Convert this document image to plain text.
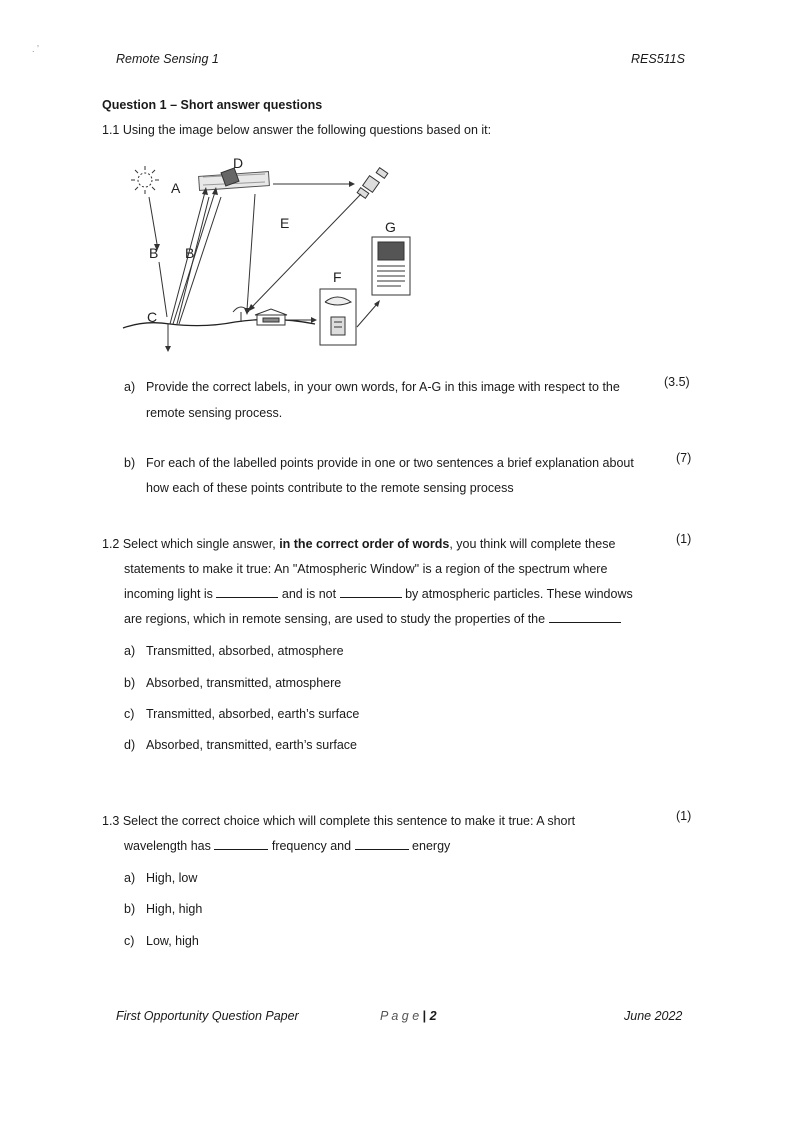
. ʼ
Remote Sensing 1	RES511S
Question 1 – Short answer questions
1.1 Using the image below answer the following questions based on it:
A
D
E
B B
C
F
G
a) Provide the correct labels, in your own words, for A-G in this image with respect to the
remote sensing process.
(3.5)
b) For each of the labelled points provide in one or two sentences a brief explanation about
how each of these points contribute to the remote sensing process
(7)
1.2 Select which single answer, in the correct order of words, you think will complete these	(1)
statements to make it true: An "Atmospheric Window" is a region of the spectrum where
incoming light is	and is not	by atmospheric particles. These windows
are regions, which in remote sensing, are used to study the properties of the
a) Transmitted, absorbed, atmosphere
b) Absorbed, transmitted, atmosphere
c) Transmitted, absorbed, earth’s surface
d) Absorbed, transmitted, earth’s surface
1.3 Select the correct choice which will complete this sentence to make it true: A short	(1)
wavelength has	frequency and	energy
a) High, low
b) High, high
c) Low, high
First Opportunity Question Paper	P a g e | 2	June 2022
